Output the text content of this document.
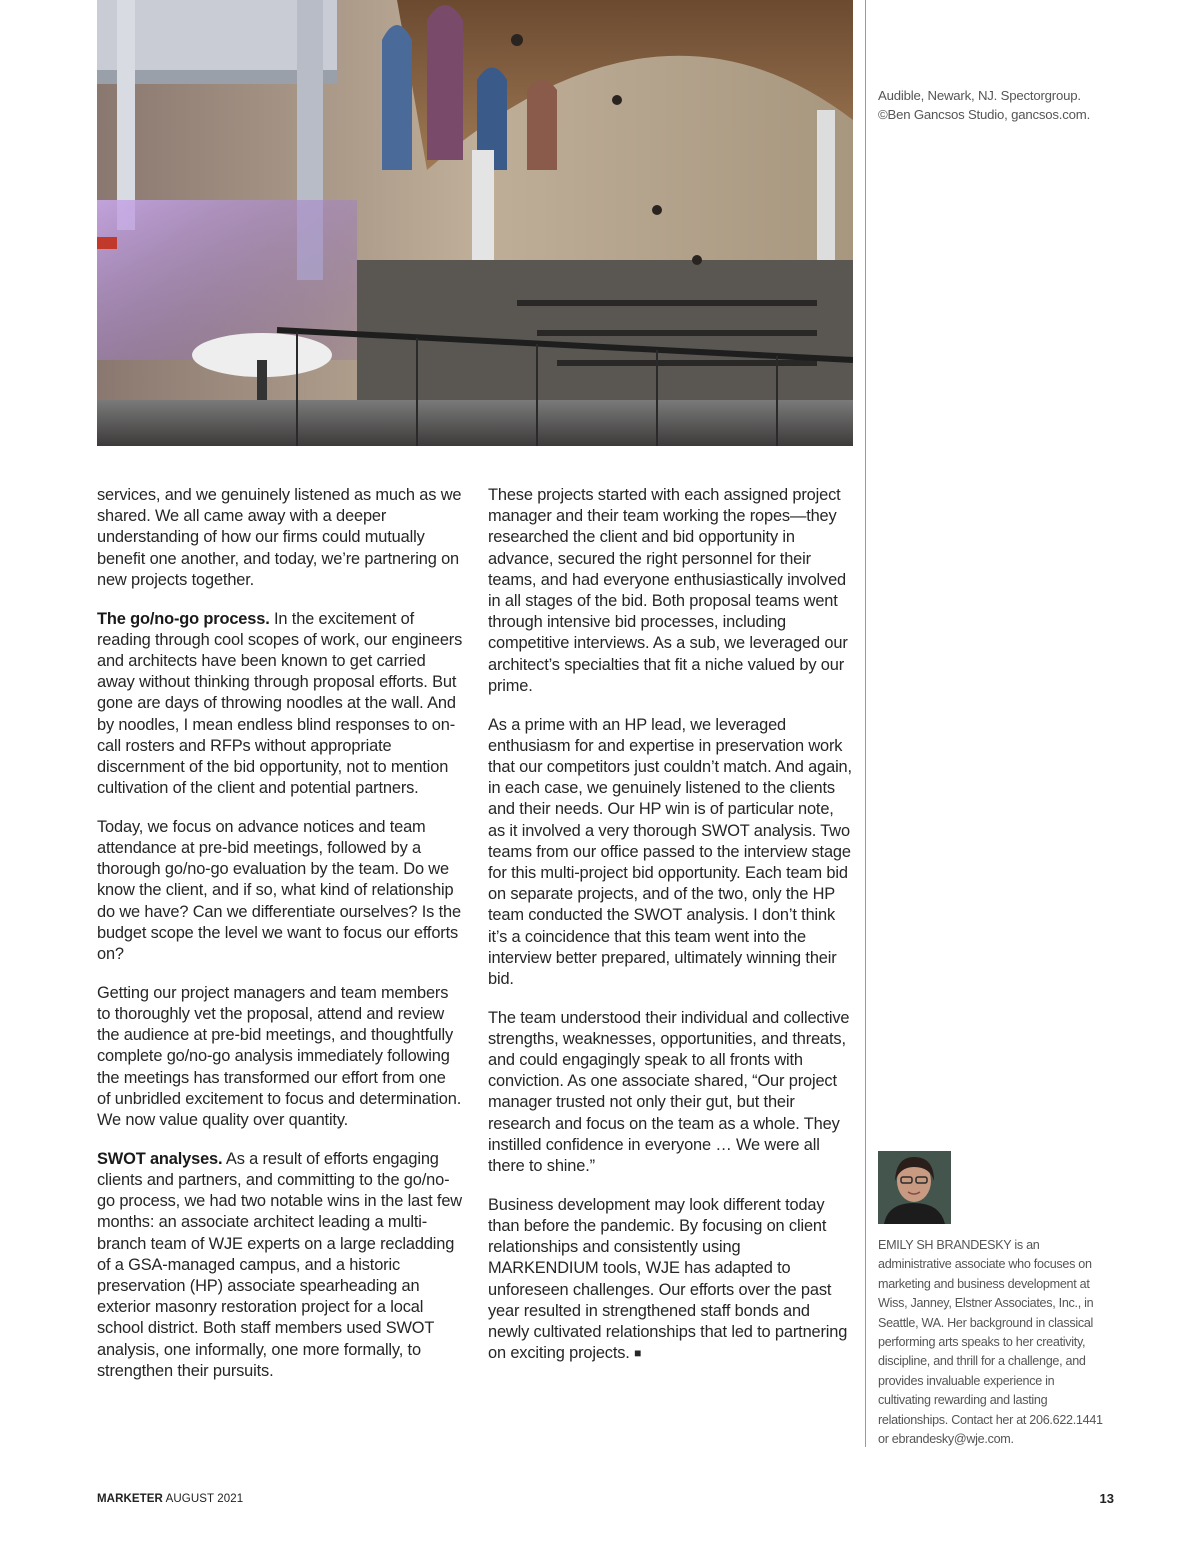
Audible, Newark, NJ. Spectorgroup.
©Ben Gancsos Studio, gancsos.com.

services, and we genuinely listened as much as we shared. We all came away with a deeper understanding of how our firms could mutually benefit one another, and today, we’re partnering on new projects together.

The go/no-go process. In the excitement of reading through cool scopes of work, our engineers and architects have been known to get carried away without thinking through proposal efforts. But gone are days of throwing noodles at the wall. And by noodles, I mean endless blind responses to on-call rosters and RFPs without appropriate discernment of the bid opportunity, not to mention cultivation of the client and potential partners.

Today, we focus on advance notices and team attendance at pre-bid meetings, followed by a thorough go/no-go evaluation by the team. Do we know the client, and if so, what kind of relationship do we have? Can we differentiate ourselves? Is the budget scope the level we want to focus our efforts on?

Getting our project managers and team members to thoroughly vet the proposal, attend and review the audience at pre-bid meetings, and thoughtfully complete go/no-go analysis immediately following the meetings has transformed our effort from one of unbridled excitement to focus and determination. We now value quality over quantity.

SWOT analyses. As a result of efforts engaging clients and partners, and committing to the go/no-go process, we had two notable wins in the last few months: an associate architect leading a multi-branch team of WJE experts on a large recladding of a GSA-managed campus, and a historic preservation (HP) associate spearheading an exterior masonry restoration project for a local school district. Both staff members used SWOT analysis, one informally, one more formally, to strengthen their pursuits.

These projects started with each assigned project manager and their team working the ropes—they researched the client and bid opportunity in advance, secured the right personnel for their teams, and had everyone enthusiastically involved in all stages of the bid. Both proposal teams went through intensive bid processes, including competitive interviews. As a sub, we leveraged our architect’s specialties that fit a niche valued by our prime.

As a prime with an HP lead, we leveraged enthusiasm for and expertise in preservation work that our competitors just couldn’t match. And again, in each case, we genuinely listened to the clients and their needs. Our HP win is of particular note, as it involved a very thorough SWOT analysis. Two teams from our office passed to the interview stage for this multi-project bid opportunity. Each team bid on separate projects, and of the two, only the HP team conducted the SWOT analysis. I don’t think it’s a coincidence that this team went into the interview better prepared, ultimately winning their bid.

The team understood their individual and collective strengths, weaknesses, opportunities, and threats, and could engagingly speak to all fronts with conviction. As one associate shared, “Our project manager trusted not only their gut, but their research and focus on the team as a whole. They instilled confidence in everyone … We were all there to shine.”

Business development may look different today than before the pandemic. By focusing on client relationships and consistently using MARKENDIUM tools, WJE has adapted to unforeseen challenges. Our efforts over the past year resulted in strengthened staff bonds and newly cultivated relationships that led to partnering on exciting projects. ■

EMILY SH BRANDESKY is an administrative associate who focuses on marketing and business development at Wiss, Janney, Elstner Associates, Inc., in Seattle, WA. Her background in classical performing arts speaks to her creativity, discipline, and thrill for a challenge, and provides invaluable experience in cultivating rewarding and lasting relationships. Contact her at 206.622.1441 or ebrandesky@wje.com.
MARKETER AUGUST 2021	13
